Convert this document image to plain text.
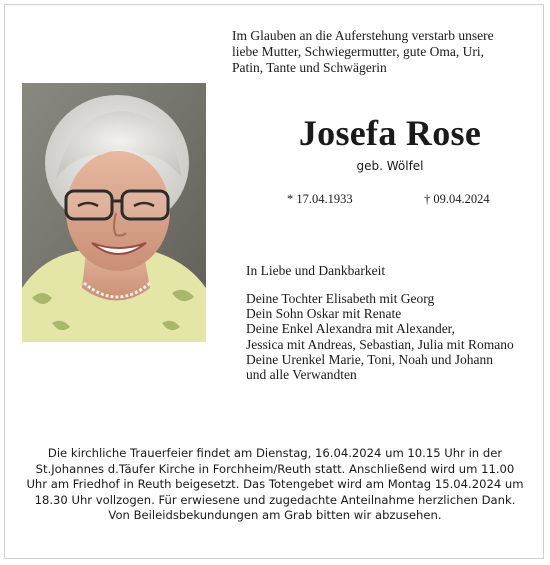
Im Glauben an die Auferstehung verstarb unsere
liebe Mutter, Schwiegermutter, gute Oma, Uri,
Patin, Tante und Schwägerin
Josefa Rose
geb. Wölfel
* 17.04.1933	† 09.04.2024
In Liebe und Dankbarkeit
Deine Tochter Elisabeth mit Georg
Dein Sohn Oskar mit Renate
Deine Enkel Alexandra mit Alexander,
Jessica mit Andreas, Sebastian, Julia mit Romano
Deine Urenkel Marie, Toni, Noah und Johann
und alle Verwandten
Die kirchliche Trauerfeier findet am Dienstag, 16.04.2024 um 10.15 Uhr in der
St.Johannes d.Täufer Kirche in Forchheim/Reuth statt. Anschließend wird um 11.00
Uhr am Friedhof in Reuth beigesetzt. Das Totengebet wird am Montag 15.04.2024 um
18.30 Uhr vollzogen. Für erwiesene und zugedachte Anteilnahme herzlichen Dank.
Von Beileidsbekundungen am Grab bitten wir abzusehen.
